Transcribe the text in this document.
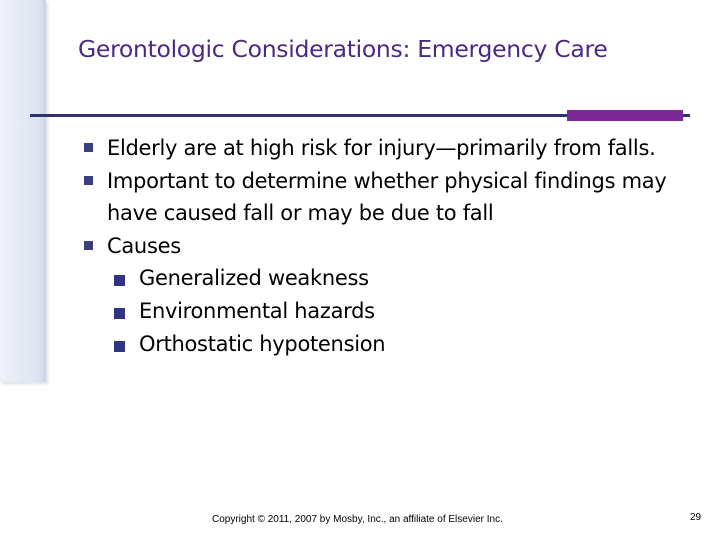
Gerontologic Considerations: Emergency Care
Elderly are at high risk for injury—primarily from falls.
Important to determine whether physical findings may have caused fall or may be due to fall
Causes
Generalized weakness
Environmental hazards
Orthostatic hypotension
Copyright © 2011, 2007 by Mosby, Inc., an affiliate of Elsevier Inc.	29
